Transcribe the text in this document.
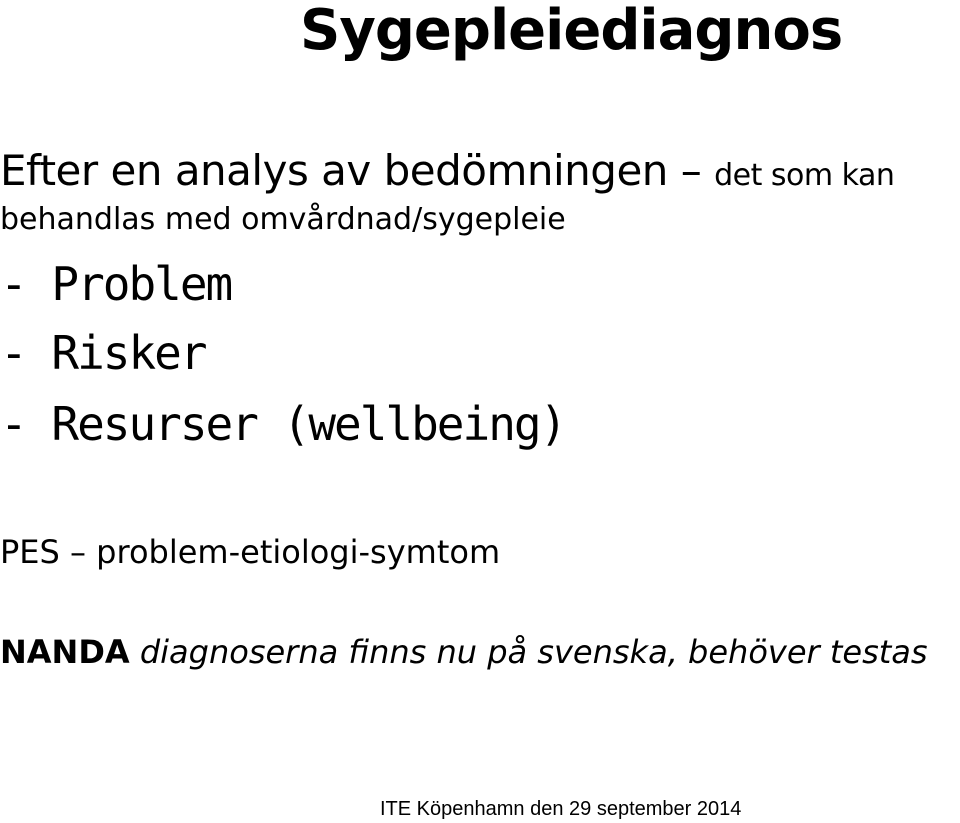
Sygepleiediagnos
Efter en analys av bedömningen – det som kan
behandlas med omvårdnad/sygepleie
- Problem
- Risker
- Resurser (wellbeing)
PES – problem-etiologi-symtom
NANDA diagnoserna finns nu på svenska, behöver testas
ITE Köpenhamn den 29 september 2014
